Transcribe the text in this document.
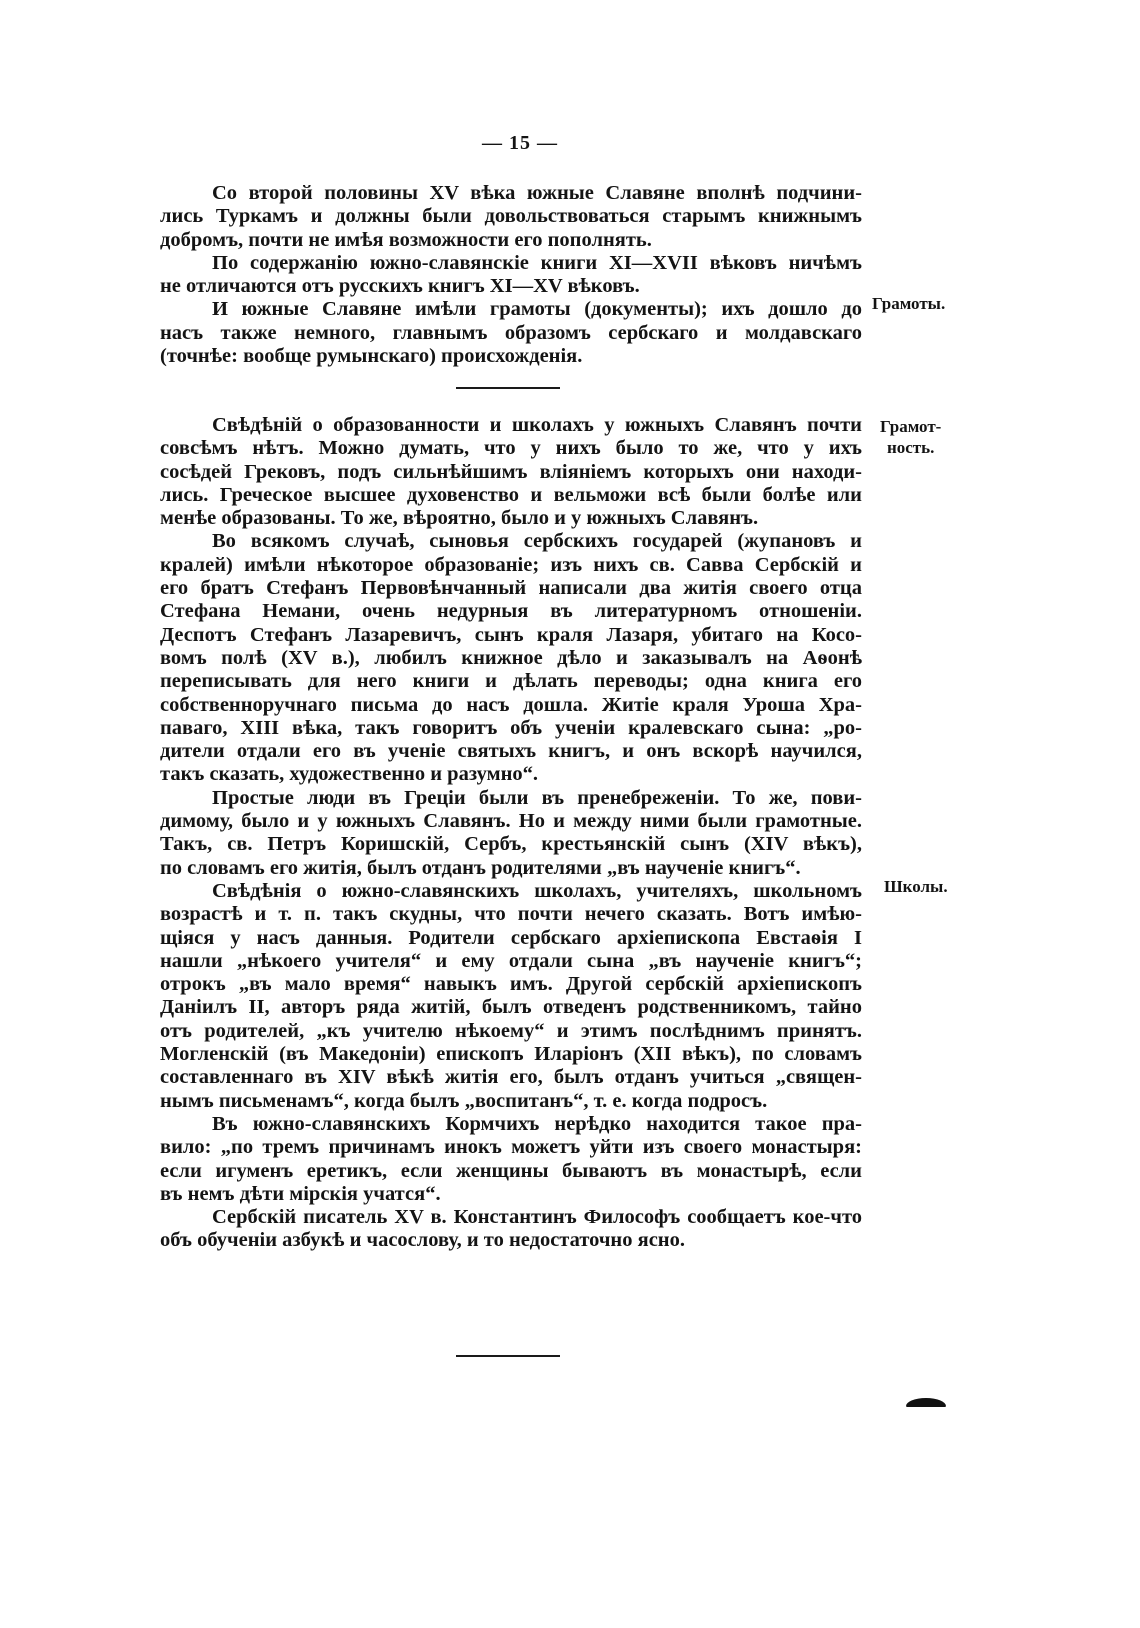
— 15 —
Со второй половины XV вѣка южные Славяне вполнѣ подчини-
лись Туркамъ и должны были довольствоваться старымъ книжнымъ
добромъ, почти не имѣя возможности его пополнять.
По содержанію южно-славянскіе книги XI—XVII вѣковъ ничѣмъ
не отличаются отъ русскихъ книгъ XI—XV вѣковъ.
И южные Славяне имѣли грамоты (документы); ихъ дошло до
насъ также немного, главнымъ образомъ сербскаго и молдавскаго
(точнѣе: вообще румынскаго) происхожденія.
Грамоты.
Свѣдѣній о образованности и школахъ у южныхъ Славянъ почти
совсѣмъ нѣтъ. Можно думать, что у нихъ было то же, что у ихъ
сосѣдей Грековъ, подъ сильнѣйшимъ вліяніемъ которыхъ они находи-
лись. Греческое высшее духовенство и вельможи всѣ были болѣе или
менѣе образованы. То же, вѣроятно, было и у южныхъ Славянъ.
Во всякомъ случаѣ, сыновья сербскихъ государей (жупановъ и
кралей) имѣли нѣкоторое образованіе; изъ нихъ св. Савва Сербскій и
его братъ Стефанъ Первовѣнчанный написали два житія своего отца
Стефана Немани, очень недурныя въ литературномъ отношеніи.
Деспотъ Стефанъ Лазаревичъ, сынъ краля Лазаря, убитаго на Косо-
вомъ полѣ (XV в.), любилъ книжное дѣло и заказывалъ на Аѳонѣ
переписывать для него книги и дѣлать переводы; одна книга его
собственноручнаго письма до насъ дошла. Житіе краля Уроша Хра-
паваго, XIII вѣка, такъ говоритъ объ ученіи кралевскаго сына: „ро-
дители отдали его въ ученіе святыхъ книгъ, и онъ вскорѣ научился,
такъ сказать, художественно и разумно“.
Простые люди въ Греціи были въ пренебреженіи. То же, пови-
димому, было и у южныхъ Славянъ. Но и между ними были грамотные.
Такъ, св. Петръ Коришскій, Сербъ, крестьянскій сынъ (XIV вѣкъ),
по словамъ его житія, былъ отданъ родителями „въ наученіе книгъ“.
Свѣдѣнія о южно-славянскихъ школахъ, учителяхъ, школьномъ
возрастѣ и т. п. такъ скудны, что почти нечего сказать. Вотъ имѣю-
щіяся у насъ данныя. Родители сербскаго архіепископа Евстаѳія I
нашли „нѣкоего учителя“ и ему отдали сына „въ наученіе книгъ“;
отрокъ „въ мало время“ навыкъ имъ. Другой сербскій архіепископъ
Даніилъ II, авторъ ряда житій, былъ отведенъ родственникомъ, тайно
отъ родителей, „къ учителю нѣкоему“ и этимъ послѣднимъ принятъ.
Могленскій (въ Македоніи) епископъ Иларіонъ (XII вѣкъ), по словамъ
составленнаго въ XIV вѣкѣ житія его, былъ отданъ учиться „священ-
нымъ письменамъ“, когда былъ „воспитанъ“, т. е. когда подросъ.
Въ южно-славянскихъ Кормчихъ нерѣдко находится такое пра-
вило: „по тремъ причинамъ инокъ можетъ уйти изъ своего монастыря:
если игуменъ еретикъ, если женщины бываютъ въ монастырѣ, если
въ немъ дѣти мірскія учатся“.
Сербскій писатель XV в. Константинъ Философъ сообщаетъ кое-что
объ обученіи азбукѣ и часослову, и то недостаточно ясно.
Грамот-
ность.
Школы.
